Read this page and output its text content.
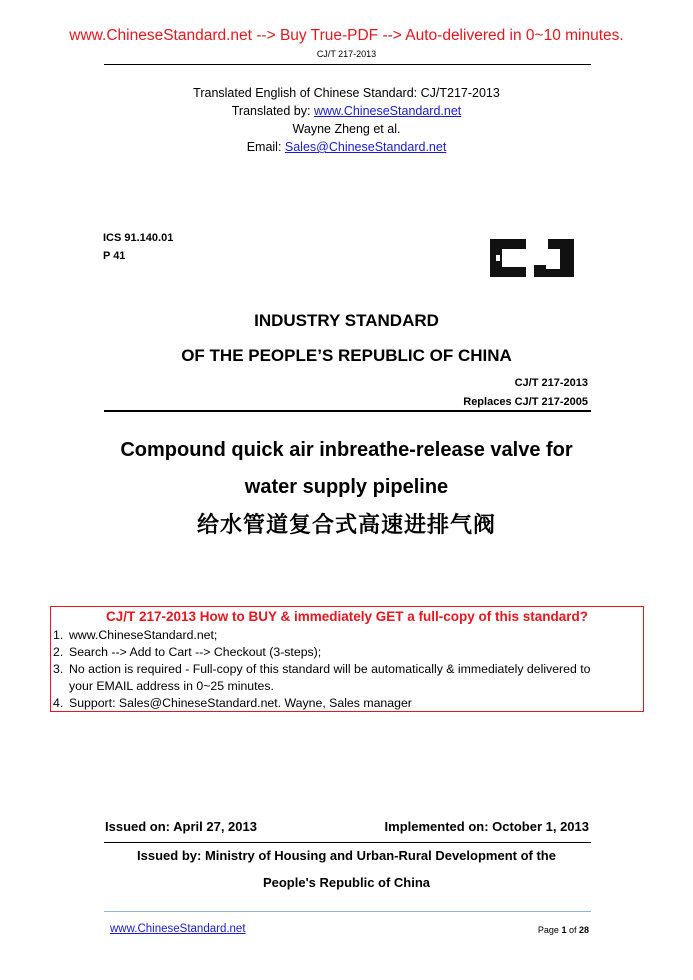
www.ChineseStandard.net --> Buy True-PDF --> Auto-delivered in 0~10 minutes.
CJ/T 217-2013
Translated English of Chinese Standard: CJ/T217-2013
Translated by: www.ChineseStandard.net
Wayne Zheng et al.
Email: Sales@ChineseStandard.net
ICS 91.140.01
P 41
INDUSTRY STANDARD
OF THE PEOPLE’S REPUBLIC OF CHINA
CJ/T 217-2013
Replaces CJ/T 217-2005
Compound quick air inbreathe-release valve for
water supply pipeline
给水管道复合式高速进排气阀
CJ/T 217-2013 How to BUY & immediately GET a full-copy of this standard?
1. www.ChineseStandard.net;
2. Search --> Add to Cart --> Checkout (3-steps);
3. No action is required - Full-copy of this standard will be automatically & immediately delivered to
your EMAIL address in 0~25 minutes.
4. Support: Sales@ChineseStandard.net. Wayne, Sales manager
Issued on: April 27, 2013	Implemented on: October 1, 2013
Issued by: Ministry of Housing and Urban-Rural Development of the
People's Republic of China
www.ChineseStandard.net	Page 1 of 28
